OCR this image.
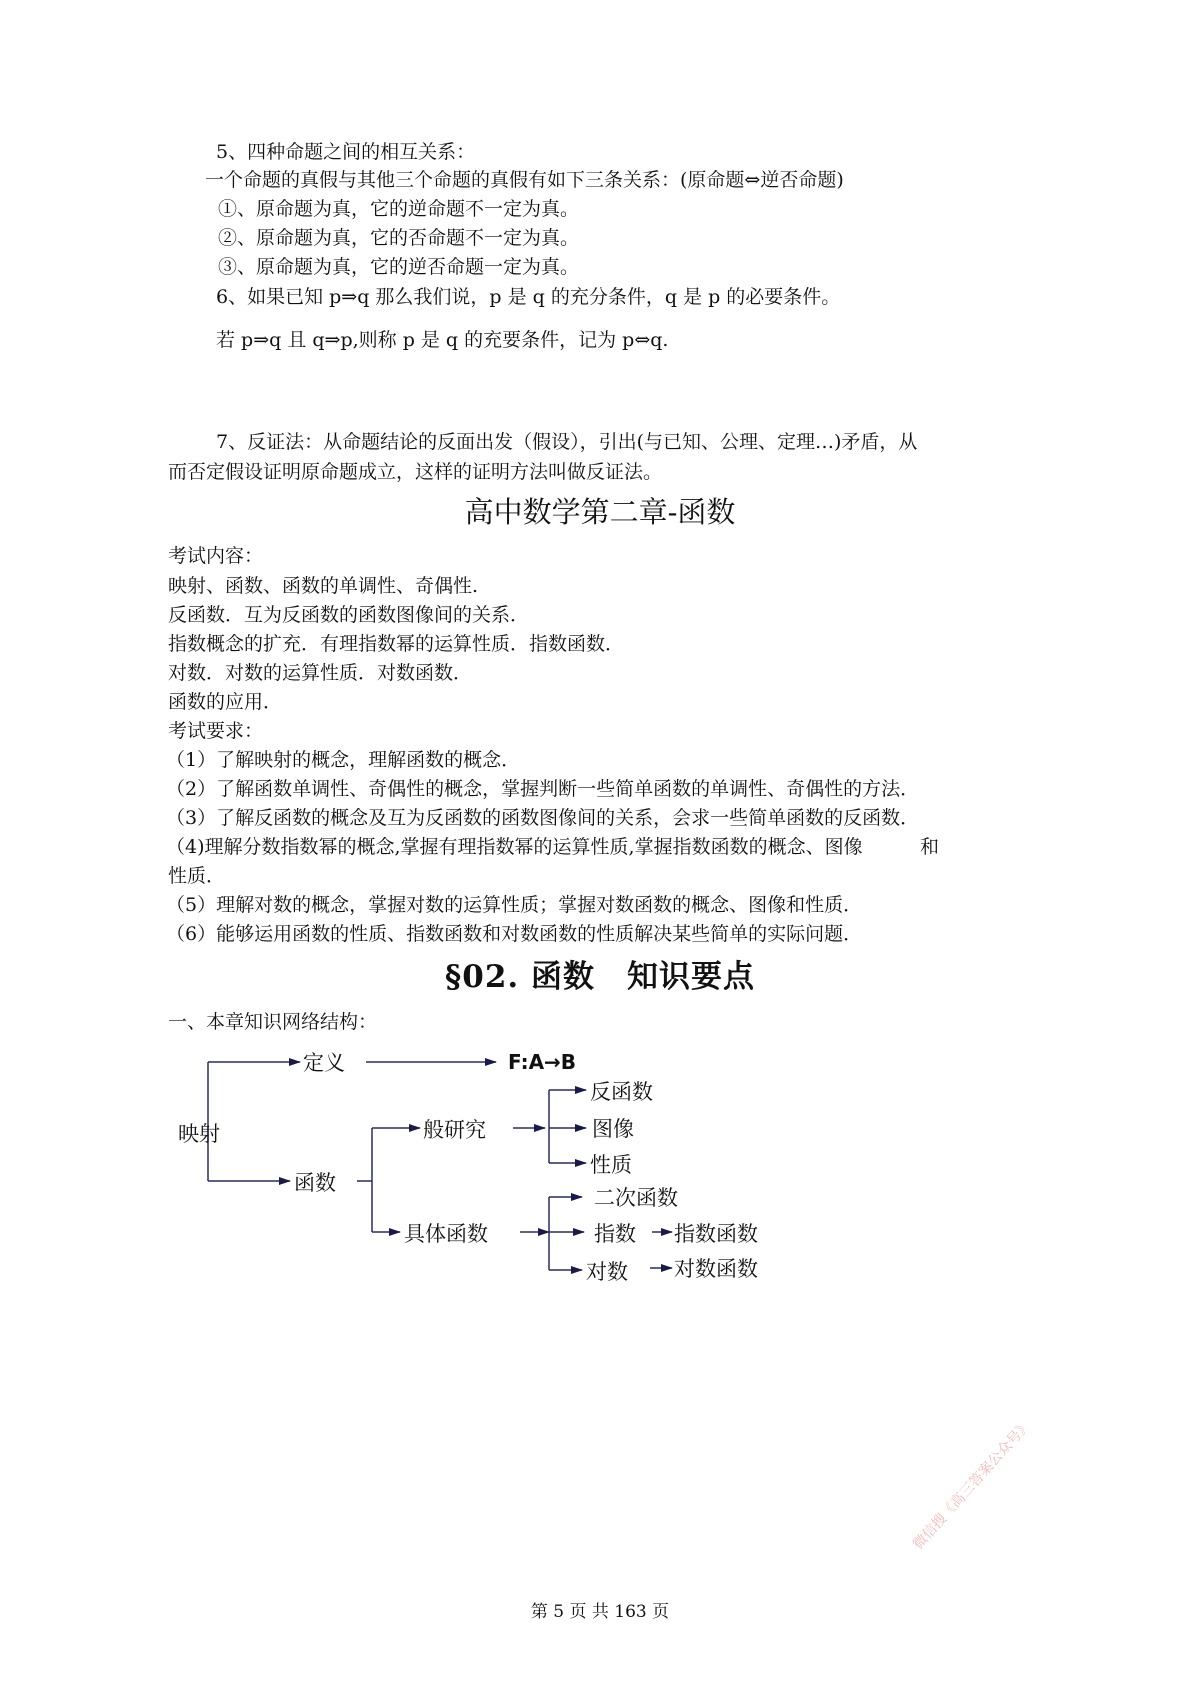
5、四种命题之间的相互关系：
一个命题的真假与其他三个命题的真假有如下三条关系：(原命题⇔逆否命题)
①、原命题为真，它的逆命题不一定为真。
②、原命题为真，它的否命题不一定为真。
③、原命题为真，它的逆否命题一定为真。
6、如果已知 p⇒q 那么我们说，p 是 q 的充分条件，q 是 p 的必要条件。
若 p⇒q 且 q⇒p,则称 p 是 q 的充要条件，记为 p⇔q.
7、反证法：从命题结论的反面出发（假设），引出(与已知、公理、定理…)矛盾，从
而否定假设证明原命题成立，这样的证明方法叫做反证法。
高中数学第二章-函数
考试内容：
映射、函数、函数的单调性、奇偶性.
反函数．互为反函数的函数图像间的关系．
指数概念的扩充．有理指数幂的运算性质．指数函数．
对数．对数的运算性质．对数函数．
函数的应用．
考试要求：
（1）了解映射的概念，理解函数的概念．
（2）了解函数单调性、奇偶性的概念，掌握判断一些简单函数的单调性、奇偶性的方法．
（3）了解反函数的概念及互为反函数的函数图像间的关系，会求一些简单函数的反函数．
（4)理解分数指数幂的概念,掌握有理指数幂的运算性质,掌握指数函数的概念、图像	和
性质．
（5）理解对数的概念，掌握对数的运算性质；掌握对数函数的概念、图像和性质．
（6）能够运用函数的性质、指数函数和对数函数的性质解决某些简单的实际问题．
§02. 函数　知识要点
一、本章知识网络结构：
映射
定义	F:A→B
函数
般研究
反函数
图像
性质
具体函数
二次函数
指数 指数函数
对数 对数函数
微信搜《高三答案公众号》
第 5 页 共 163 页
